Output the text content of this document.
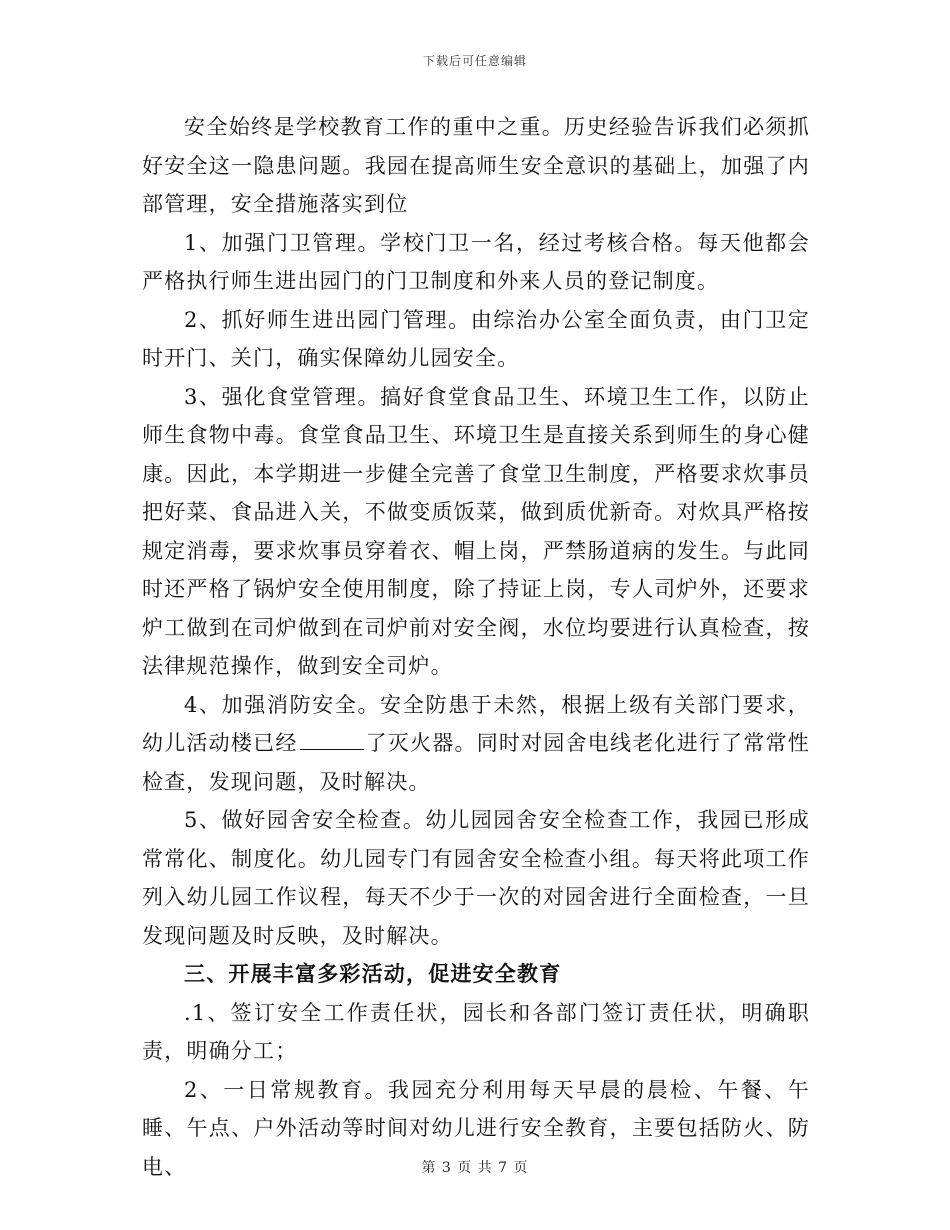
下载后可任意编辑

安全始终是学校教育工作的重中之重。历史经验告诉我们必须抓好安全这一隐患问题。我园在提高师生安全意识的基础上，加强了内部管理，安全措施落实到位

1、加强门卫管理。学校门卫一名，经过考核合格。每天他都会严格执行师生进出园门的门卫制度和外来人员的登记制度。

2、抓好师生进出园门管理。由综治办公室全面负责，由门卫定时开门、关门，确实保障幼儿园安全。

3、强化食堂管理。搞好食堂食品卫生、环境卫生工作，以防止师生食物中毒。食堂食品卫生、环境卫生是直接关系到师生的身心健康。因此，本学期进一步健全完善了食堂卫生制度，严格要求炊事员把好菜、食品进入关，不做变质饭菜，做到质优新奇。对炊具严格按规定消毒，要求炊事员穿着衣、帽上岗，严禁肠道病的发生。与此同时还严格了锅炉安全使用制度，除了持证上岗，专人司炉外，还要求炉工做到在司炉做到在司炉前对安全阀，水位均要进行认真检查，按法律规范操作，做到安全司炉。

4、加强消防安全。安全防患于未然，根据上级有关部门要求，幼儿活动楼已经	了灭火器。同时对园舍电线老化进行了常常性检查，发现问题，及时解决。

5、做好园舍安全检查。幼儿园园舍安全检查工作，我园已形成常常化、制度化。幼儿园专门有园舍安全检查小组。每天将此项工作列入幼儿园工作议程，每天不少于一次的对园舍进行全面检查，一旦发现问题及时反映，及时解决。

三、开展丰富多彩活动，促进安全教育

.1、签订安全工作责任状，园长和各部门签订责任状，明确职责，明确分工；

2、一日常规教育。我园充分利用每天早晨的晨检、午餐、午睡、午点、户外活动等时间对幼儿进行安全教育，主要包括防火、防电、	第 3 页 共 7 页
